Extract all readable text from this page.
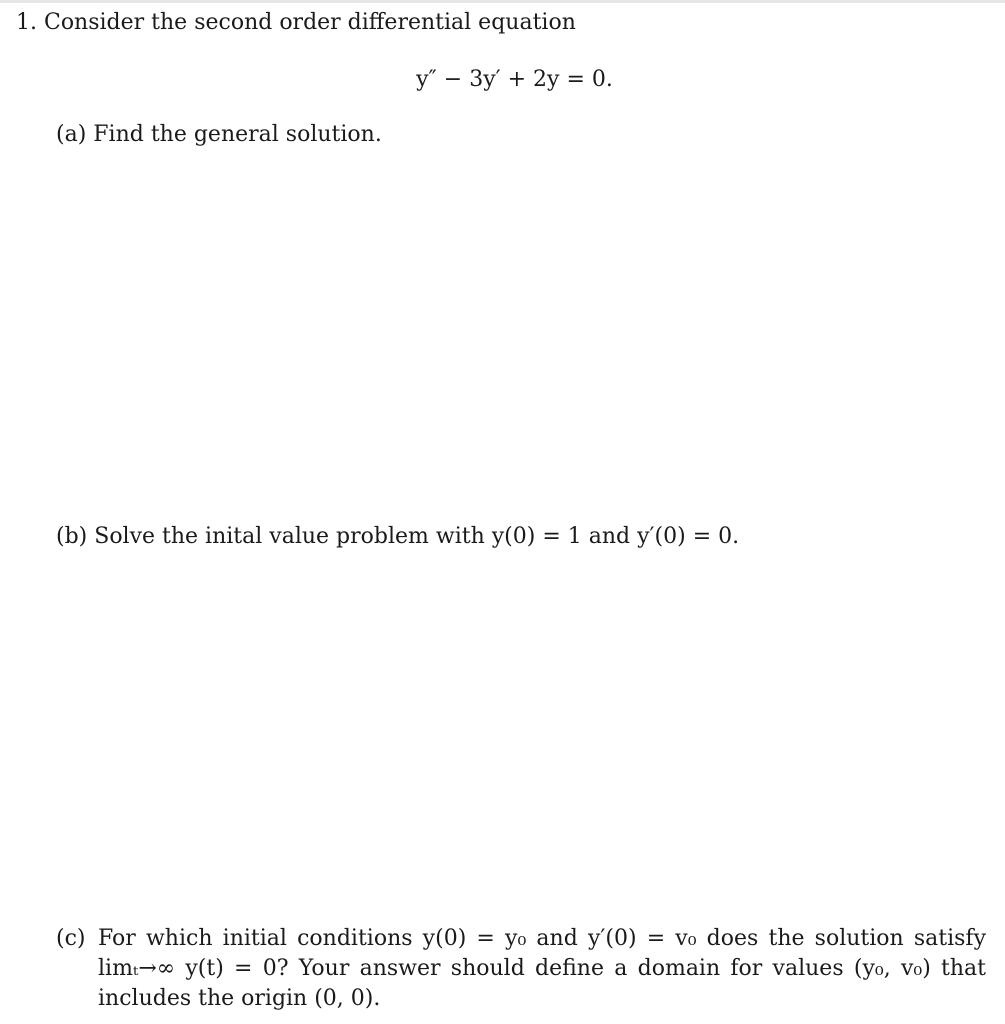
1. Consider the second order differential equation
y″ − 3y′ + 2y = 0.
(a) Find the general solution.
(b) Solve the inital value problem with y(0) = 1 and y′(0) = 0.
(c) For which initial conditions y(0) = y₀ and y′(0) = v₀ does the solution satisfy
limₜ→∞ y(t) = 0? Your answer should define a domain for values (y₀, v₀) that
includes the origin (0, 0).
